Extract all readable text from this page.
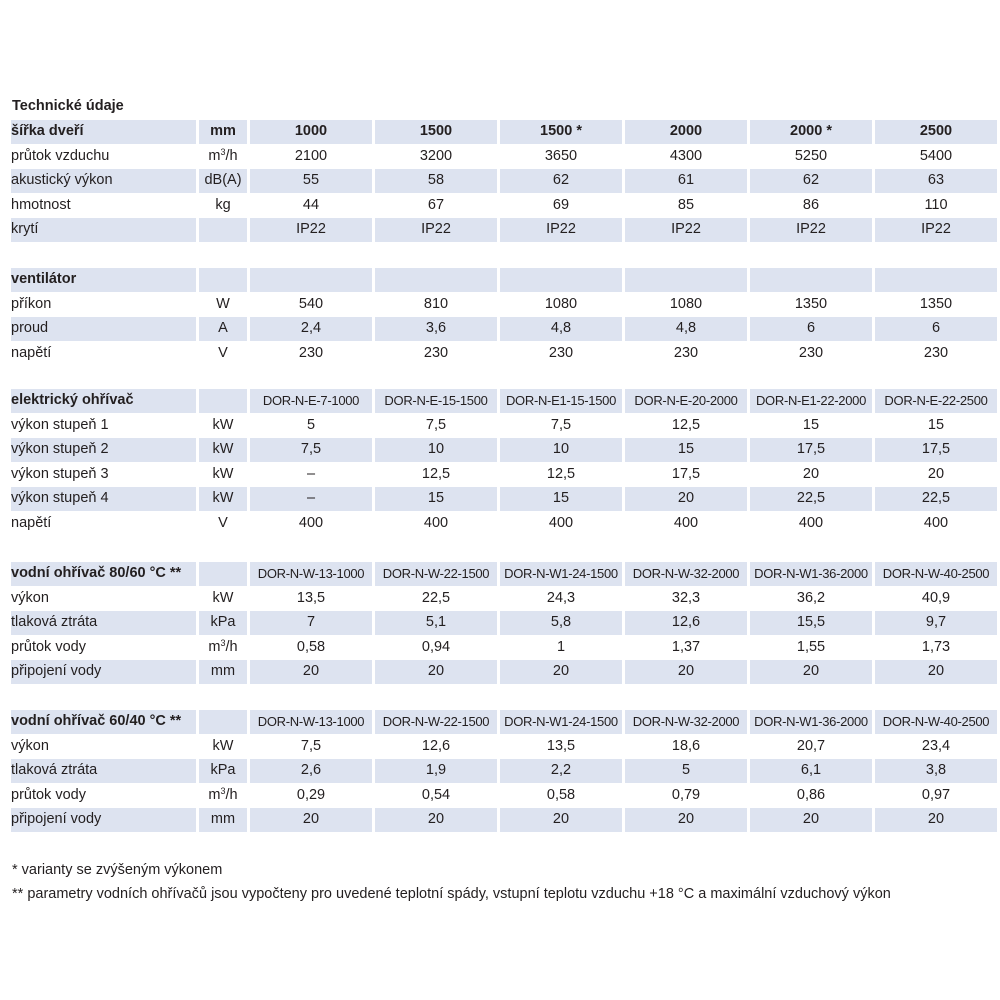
Technické údaje
šířka dveří	mm	1000	1500	1500 *	2000	2000 *	2500
průtok vzduchu	$m^3/h$	2100	3200	3650	4300	5250	5400
akustický výkon	dB(A)	55	58	62	61	62	63
hmotnost	kg	44	67	69	85	86	110
krytí		IP22	IP22	IP22	IP22	IP22	IP22
ventilátor							
příkon	W	540	810	1080	1080	1350	1350
proud	A	2,4	3,6	4,8	4,8	6	6
napětí	V	230	230	230	230	230	230
elektrický ohřívač		DOR-N-E-7-1000	DOR-N-E-15-1500	DOR-N-E1-15-1500	DOR-N-E-20-2000	DOR-N-E1-22-2000	DOR-N-E-22-2500
výkon stupeň 1	kW	5	7,5	7,5	12,5	15	15
výkon stupeň 2	kW	7,5	10	10	15	17,5	17,5
výkon stupeň 3	kW	–	12,5	12,5	17,5	20	20
výkon stupeň 4	kW	–	15	15	20	22,5	22,5
napětí	V	400	400	400	400	400	400
vodní ohřívač 80/60 °C **		DOR-N-W-13-1000	DOR-N-W-22-1500	DOR-N-W1-24-1500	DOR-N-W-32-2000	DOR-N-W1-36-2000	DOR-N-W-40-2500
výkon	kW	13,5	22,5	24,3	32,3	36,2	40,9
tlaková ztráta	kPa	7	5,1	5,8	12,6	15,5	9,7
průtok vody	$m^3/h$	0,58	0,94	1	1,37	1,55	1,73
připojení vody	mm	20	20	20	20	20	20
vodní ohřívač 60/40 °C **		DOR-N-W-13-1000	DOR-N-W-22-1500	DOR-N-W1-24-1500	DOR-N-W-32-2000	DOR-N-W1-36-2000	DOR-N-W-40-2500
výkon	kW	7,5	12,6	13,5	18,6	20,7	23,4
tlaková ztráta	kPa	2,6	1,9	2,2	5	6,1	3,8
průtok vody	$m^3/h$	0,29	0,54	0,58	0,79	0,86	0,97
připojení vody	mm	20	20	20	20	20	20
* varianty se zvýšeným výkonem
** parametry vodních ohřívačů jsou vypočteny pro uvedené teplotní spády, vstupní teplotu vzduchu +18 °C a maximální vzduchový výkon
